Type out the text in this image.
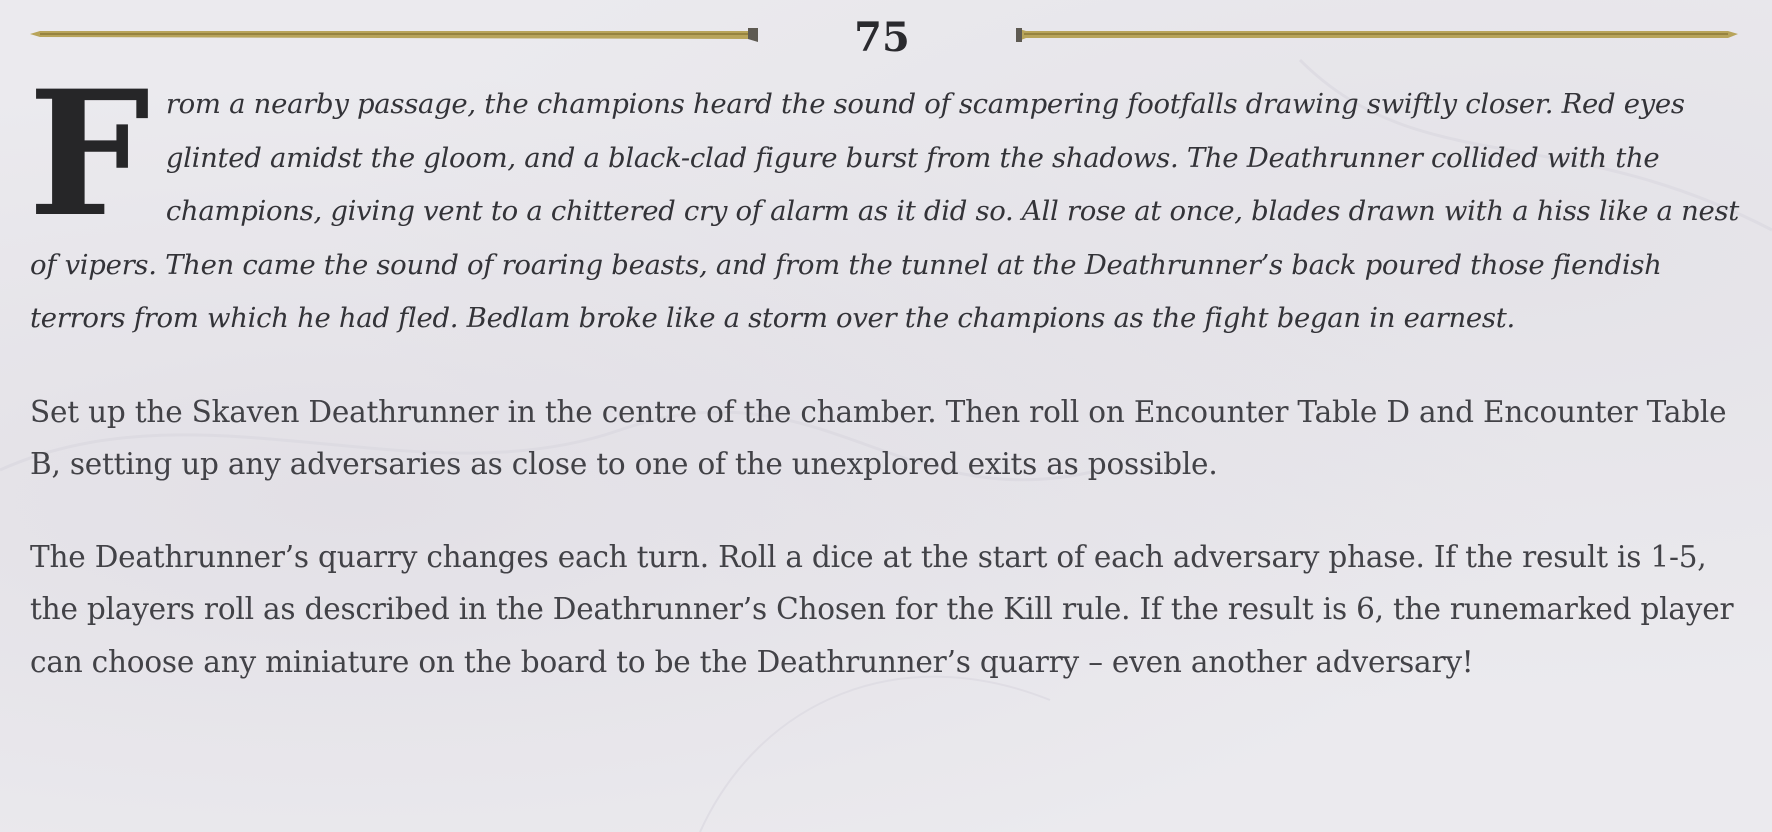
75

From a nearby passage, the champions heard the sound of scampering footfalls drawing swiftly closer. Red eyes glinted amidst the gloom, and a black-clad figure burst from the shadows. The Deathrunner collided with the champions, giving vent to a chittered cry of alarm as it did so. All rose at once, blades drawn with a hiss like a nest of vipers. Then came the sound of roaring beasts, and from the tunnel at the Deathrunner’s back poured those fiendish terrors from which he had fled. Bedlam broke like a storm over the champions as the fight began in earnest.

Set up the Skaven Deathrunner in the centre of the chamber. Then roll on Encounter Table D and Encounter Table B, setting up any adversaries as close to one of the unexplored exits as possible.

The Deathrunner’s quarry changes each turn. Roll a dice at the start of each adversary phase. If the result is 1-5, the players roll as described in the Deathrunner’s Chosen for the Kill rule. If the result is 6, the runemarked player can choose any miniature on the board to be the Deathrunner’s quarry – even another adversary!
